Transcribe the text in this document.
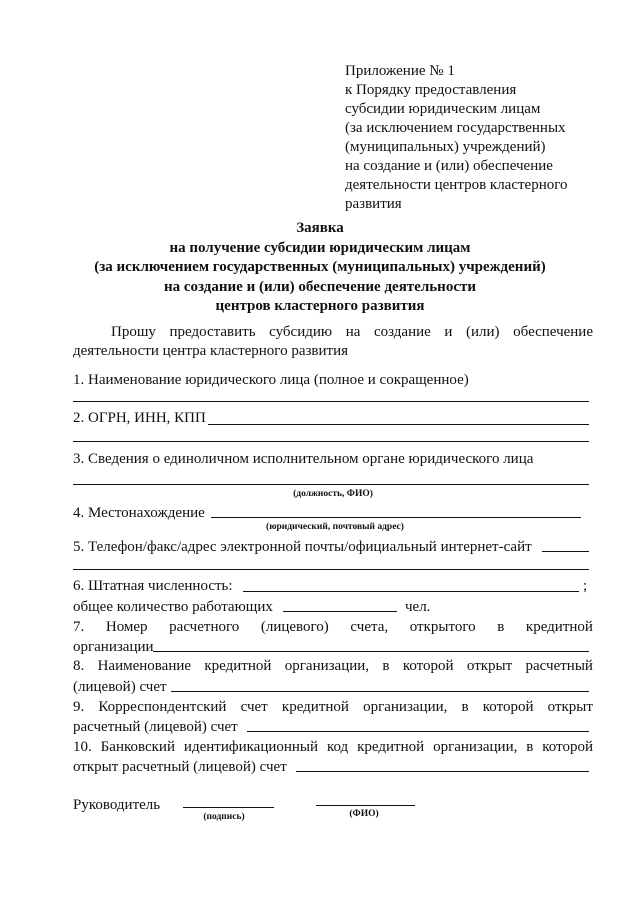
Приложение № 1
к Порядку предоставления
субсидии юридическим лицам
(за исключением государственных
(муниципальных) учреждений)
на создание и (или) обеспечение
деятельности центров кластерного
развития
Заявка
на получение субсидии юридическим лицам
(за исключением государственных (муниципальных) учреждений)
на создание и (или) обеспечение деятельности
центров кластерного развития
Прошу предоставить субсидию на создание и (или) обеспечение
деятельности центра кластерного развития
1. Наименование юридического лица (полное и сокращенное)
2. ОГРН, ИНН, КПП
3. Сведения о единоличном исполнительном органе юридического лица
(должность, ФИО)
4. Местонахождение
(юридический, почтовый адрес)
5. Телефон/факс/адрес электронной почты/официальный интернет-сайт
6. Штатная численность:	;
общее количество работающих	чел.
7. Номер расчетного (лицевого) счета, открытого в кредитной
организации
8. Наименование кредитной организации, в которой открыт расчетный
(лицевой) счет
9. Корреспондентский счет кредитной организации, в которой открыт
расчетный (лицевой) счет
10. Банковский идентификационный код кредитной организации, в которой
открыт расчетный (лицевой) счет
Руководитель
(подпись)	(ФИО)
